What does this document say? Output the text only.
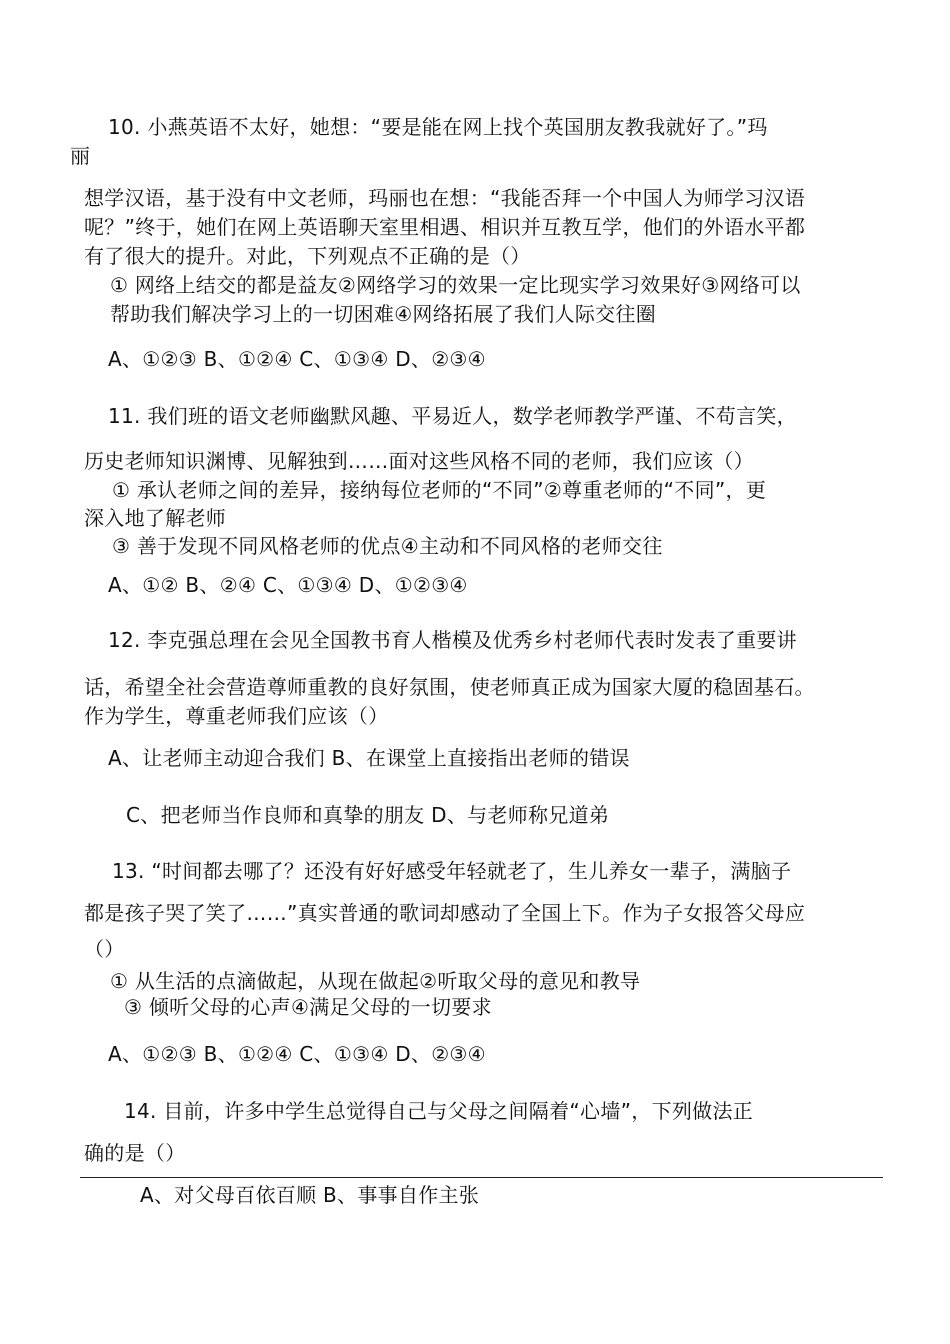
10. 小燕英语不太好，她想：“要是能在网上找个英国朋友教我就好了。”玛
丽
想学汉语，基于没有中文老师，玛丽也在想：“我能否拜一个中国人为师学习汉语
呢？”终于，她们在网上英语聊天室里相遇、相识并互教互学，他们的外语水平都
有了很大的提升。对此，下列观点不正确的是（）
① 网络上结交的都是益友②网络学习的效果一定比现实学习效果好③网络可以
帮助我们解决学习上的一切困难④网络拓展了我们人际交往圈
A、①②③ B、①②④ C、①③④ D、②③④
11. 我们班的语文老师幽默风趣、平易近人，数学老师教学严谨、不苟言笑，
历史老师知识渊博、见解独到……面对这些风格不同的老师，我们应该（）
① 承认老师之间的差异，接纳每位老师的“不同”②尊重老师的“不同”，更
深入地了解老师
③ 善于发现不同风格老师的优点④主动和不同风格的老师交往
A、①② B、②④ C、①③④ D、①②③④
12. 李克强总理在会见全国教书育人楷模及优秀乡村老师代表时发表了重要讲
话，希望全社会营造尊师重教的良好氛围，使老师真正成为国家大厦的稳固基石。
作为学生，尊重老师我们应该（）
A、让老师主动迎合我们 B、在课堂上直接指出老师的错误
C、把老师当作良师和真挚的朋友 D、与老师称兄道弟
13. “时间都去哪了？还没有好好感受年轻就老了，生儿养女一辈子，满脑子
都是孩子哭了笑了……”真实普通的歌词却感动了全国上下。作为子女报答父母应
（）
① 从生活的点滴做起，从现在做起②听取父母的意见和教导
③ 倾听父母的心声④满足父母的一切要求
A、①②③ B、①②④ C、①③④ D、②③④
14. 目前，许多中学生总觉得自己与父母之间隔着“心墙”，下列做法正
确的是（）
A、对父母百依百顺 B、事事自作主张
